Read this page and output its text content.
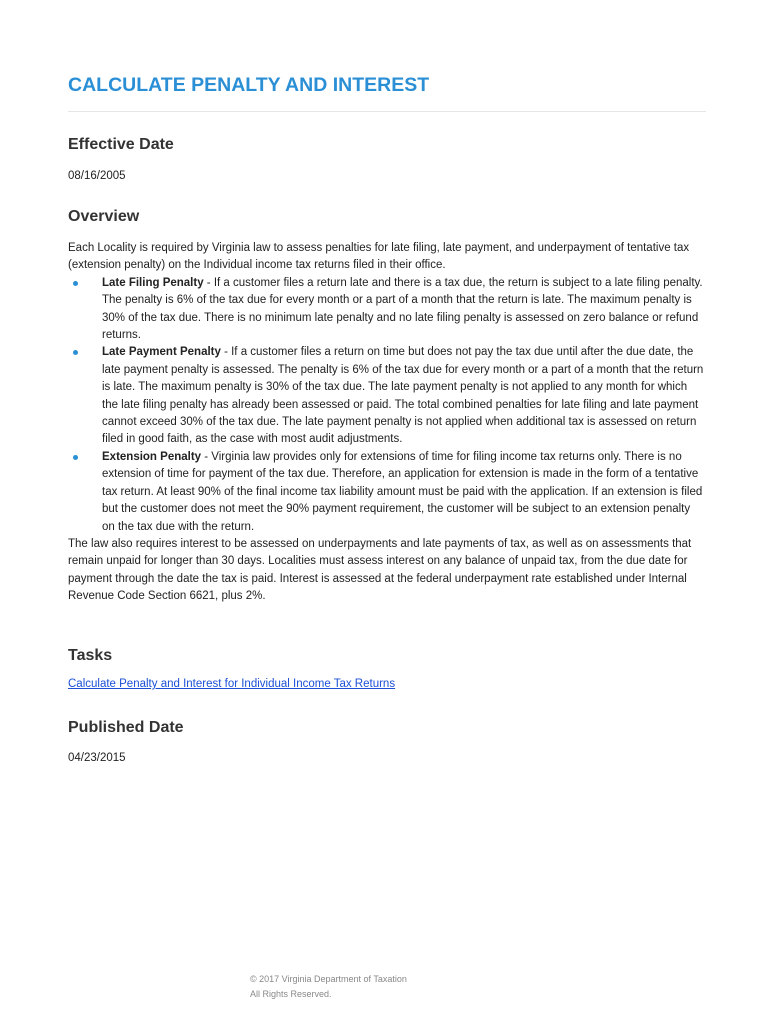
CALCULATE PENALTY AND INTEREST
Effective Date

08/16/2005

Overview

Each Locality is required by Virginia law to assess penalties for late filing, late payment, and underpayment of tentative tax (extension penalty) on the Individual income tax returns filed in their office.

Late Filing Penalty - If a customer files a return late and there is a tax due, the return is subject to a late filing penalty. The penalty is 6% of the tax due for every month or a part of a month that the return is late. The maximum penalty is 30% of the tax due. There is no minimum late penalty and no late filing penalty is assessed on zero balance or refund returns.
Late Payment Penalty - If a customer files a return on time but does not pay the tax due until after the due date, the late payment penalty is assessed. The penalty is 6% of the tax due for every month or a part of a month that the return is late. The maximum penalty is 30% of the tax due. The late payment penalty is not applied to any month for which the late filing penalty has already been assessed or paid. The total combined penalties for late filing and late payment cannot exceed 30% of the tax due. The late payment penalty is not applied when additional tax is assessed on return filed in good faith, as the case with most audit adjustments.
Extension Penalty - Virginia law provides only for extensions of time for filing income tax returns only. There is no extension of time for payment of the tax due. Therefore, an application for extension is made in the form of a tentative tax return. At least 90% of the final income tax liability amount must be paid with the application. If an extension is filed but the customer does not meet the 90% payment requirement, the customer will be subject to an extension penalty on the tax due with the return.

The law also requires interest to be assessed on underpayments and late payments of tax, as well as on assessments that remain unpaid for longer than 30 days. Localities must assess interest on any balance of unpaid tax, from the due date for payment through the date the tax is paid. Interest is assessed at the federal underpayment rate established under Internal Revenue Code Section 6621, plus 2%.

Tasks
Calculate Penalty and Interest for Individual Income Tax Returns
Published Date

04/23/2015

© 2017 Virginia Department of Taxation
All Rights Reserved.
